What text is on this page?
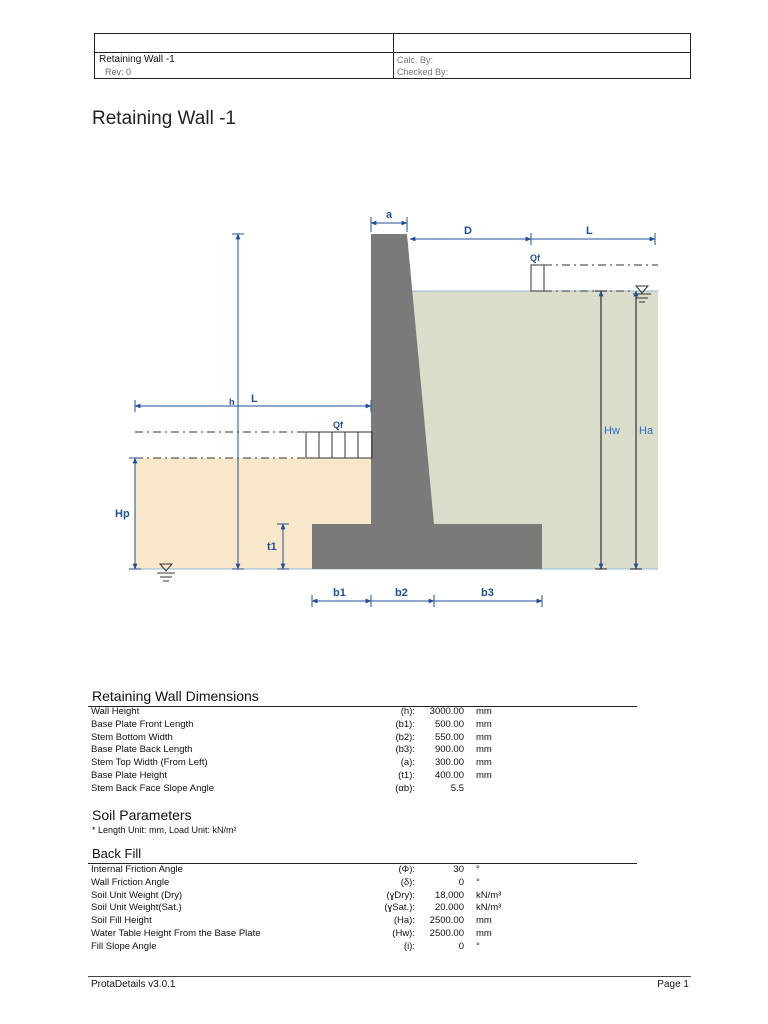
Retaining Wall -1
Rev: 0
Calc. By:
Checked By:
Retaining Wall -1
a
D	L
Qf
h L
Qf
Hp
t1
b1	b2	b3
Hw Ha
Retaining Wall Dimensions
Wall Height	(h): 3000.00 mm
Base Plate Front Length	(b1): 500.00 mm
Stem Bottom Width	(b2): 550.00 mm
Base Plate Back Length	(b3): 900.00 mm
Stem Top Width (From Left)	(a): 300.00 mm
Base Plate Height	(t1): 400.00 mm
Stem Back Face Slope Angle	(αb):	5.5
Soil Parameters
* Length Unit: mm, Load Unit: kN/m²
Back Fill
Internal Friction Angle	(Φ):	30 °
Wall Friction Angle	(δ):	0 °
Soil Unit Weight (Dry)	(ɣDry): 18.000 kN/m³
Soil Unit Weight(Sat.)	(ɣSat.): 20.000 kN/m³
Soil Fill Height	(Ha): 2500.00 mm
Water Table Height From the Base Plate	(Hw): 2500.00 mm
Fill Slope Angle	(i):	0 °
ProtaDetails v3.0.1	Page 1
